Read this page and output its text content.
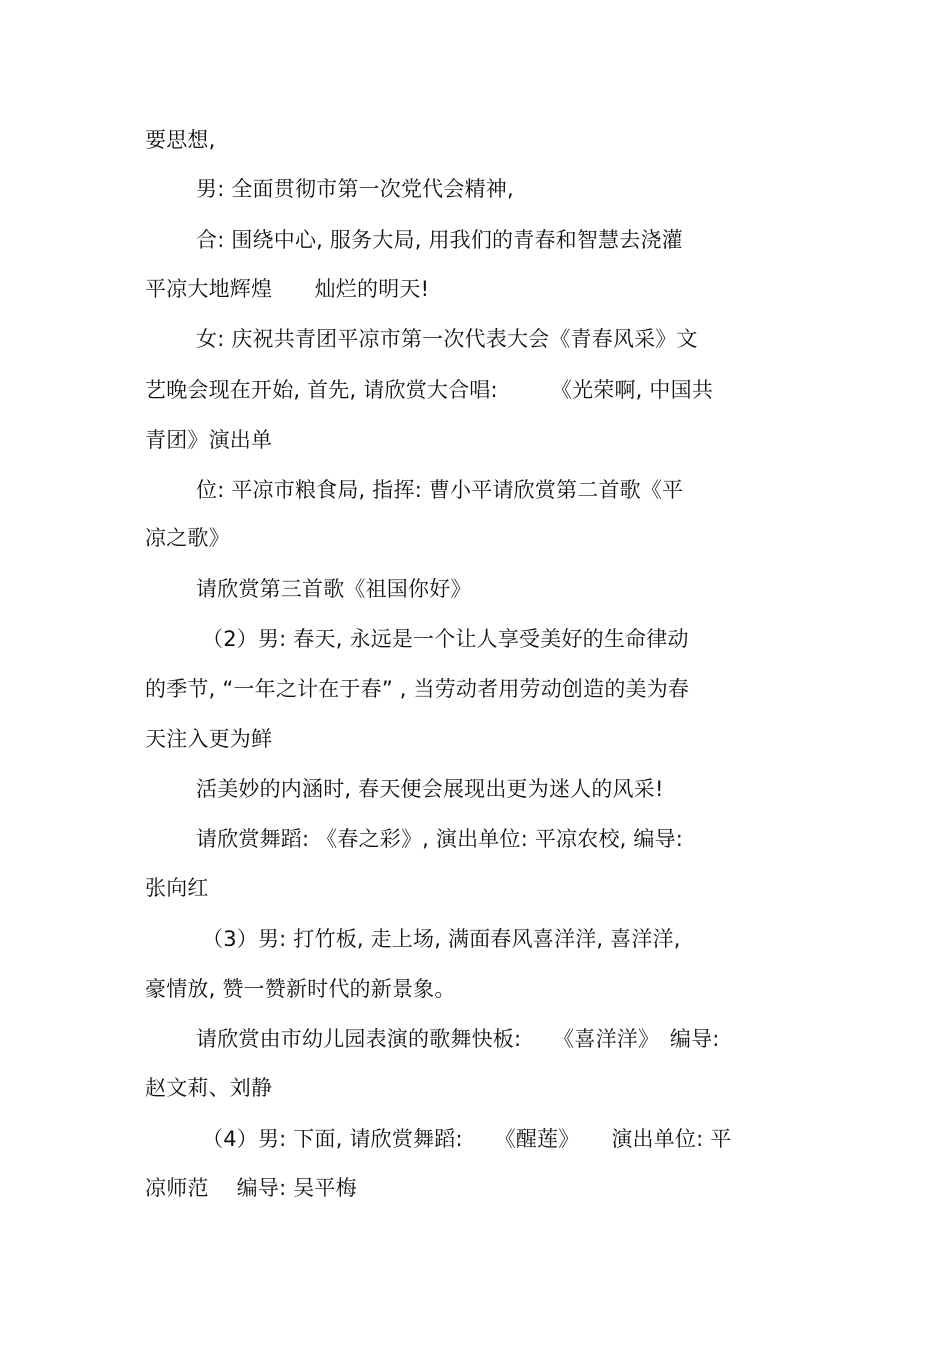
要思想,
男: 全面贯彻市第一次党代会精神,
合: 围绕中心, 服务大局, 用我们的青春和智慧去浇灌
平凉大地辉煌　　灿烂的明天!
女: 庆祝共青团平凉市第一次代表大会《青春风采》文
艺晚会现在开始, 首先, 请欣赏大合唱:　　　《光荣啊, 中国共
青团》演出单
位: 平凉市粮食局, 指挥: 曹小平请欣赏第二首歌《平
凉之歌》
请欣赏第三首歌《祖国你好》
（2）男: 春天, 永远是一个让人享受美好的生命律动
的季节, “一年之计在于春” , 当劳动者用劳动创造的美为春
天注入更为鲜
活美妙的内涵时, 春天便会展现出更为迷人的风采!
请欣赏舞蹈: 《春之彩》, 演出单位: 平凉农校, 编导:
张向红
（3）男: 打竹板, 走上场, 满面春风喜洋洋, 喜洋洋,
豪情放, 赞一赞新时代的新景象。
请欣赏由市幼儿园表演的歌舞快板:　　《喜洋洋》　编导:
赵文莉、刘静
（4）男: 下面, 请欣赏舞蹈:　　《醒莲》　　演出单位: 平
凉师范　 编导: 吴平梅
